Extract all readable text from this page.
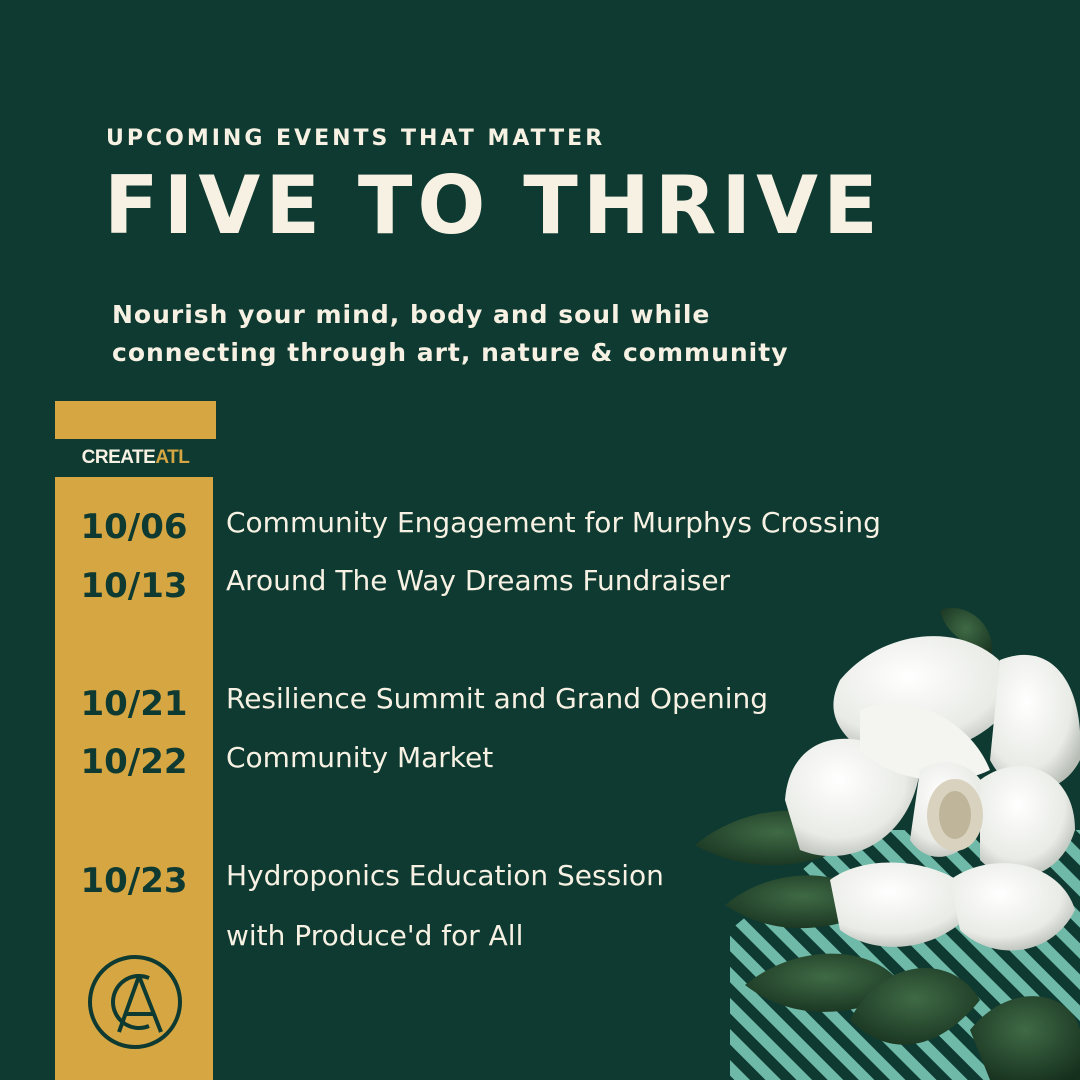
UPCOMING EVENTS THAT MATTER
FIVE TO THRIVE
Nourish your mind, body and soul while
connecting through art, nature & community
CREATE ATL
10/06	Community Engagement for Murphys Crossing
10/13	Around The Way Dreams Fundraiser
10/21	Resilience Summit and Grand Opening
10/22	Community Market
10/23	Hydroponics Education Session
with Produce'd for All
